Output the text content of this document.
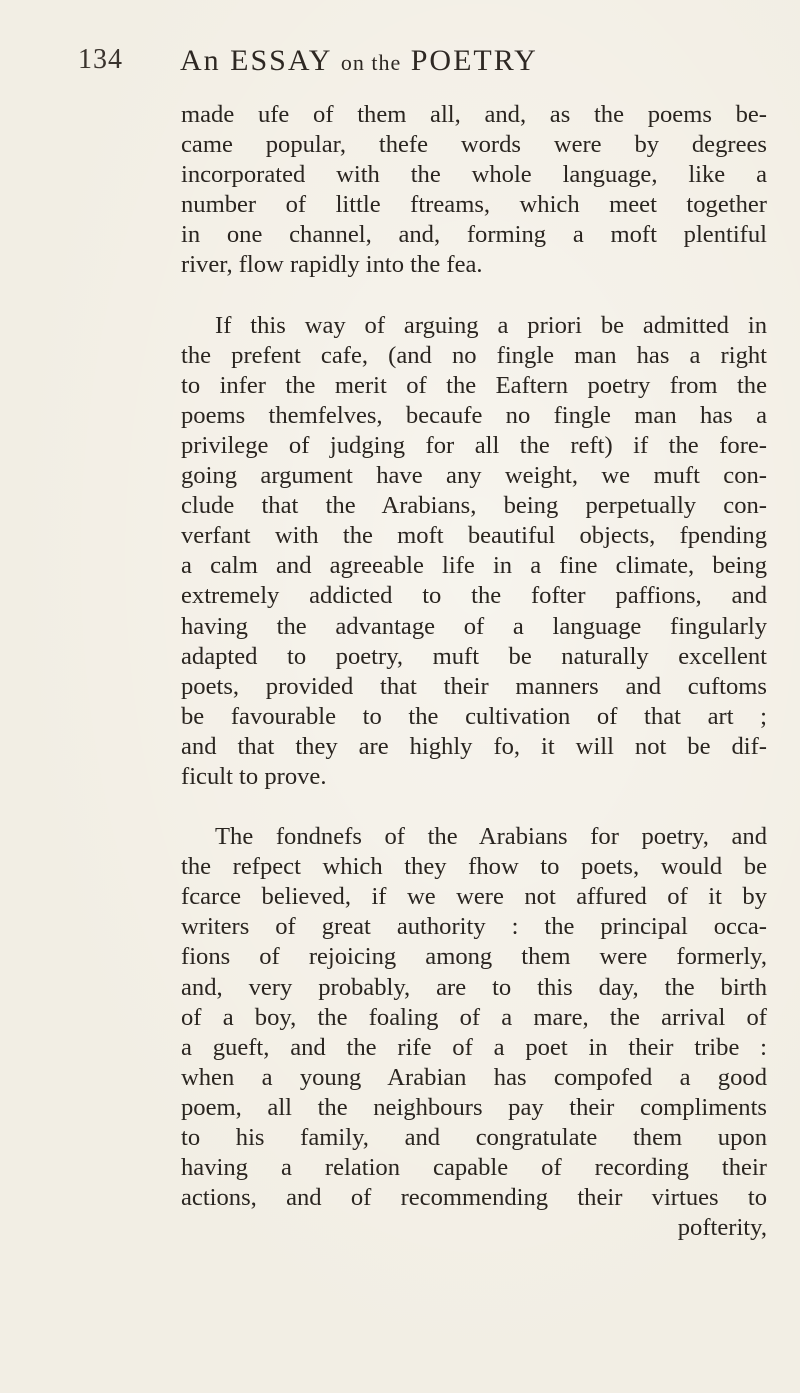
134 An ESSAY on the POETRY
made ufe of them all, and, as the poems be-
came popular, thefe words were by degrees
incorporated with the whole language, like a
number of little ftreams, which meet together
in one channel, and, forming a moft plentiful
river, flow rapidly into the fea.
If this way of arguing a priori be admitted in
the prefent cafe, (and no fingle man has a right
to infer the merit of the Eaftern poetry from the
poems themfelves, becaufe no fingle man has a
privilege of judging for all the reft) if the fore-
going argument have any weight, we muft con-
clude that the Arabians, being perpetually con-
verfant with the moft beautiful objects, fpending
a calm and agreeable life in a fine climate, being
extremely addicted to the fofter paffions, and
having the advantage of a language fingularly
adapted to poetry, muft be naturally excellent
poets, provided that their manners and cuftoms
be favourable to the cultivation of that art ;
and that they are highly fo, it will not be dif-
ficult to prove.
The fondnefs of the Arabians for poetry, and
the refpect which they fhow to poets, would be
fcarce believed, if we were not affured of it by
writers of great authority : the principal occa-
fions of rejoicing among them were formerly,
and, very probably, are to this day, the birth
of a boy, the foaling of a mare, the arrival of
a gueft, and the rife of a poet in their tribe :
when a young Arabian has compofed a good
poem, all the neighbours pay their compliments
to his family, and congratulate them upon
having a relation capable of recording their
actions, and of recommending their virtues to
pofterity,
